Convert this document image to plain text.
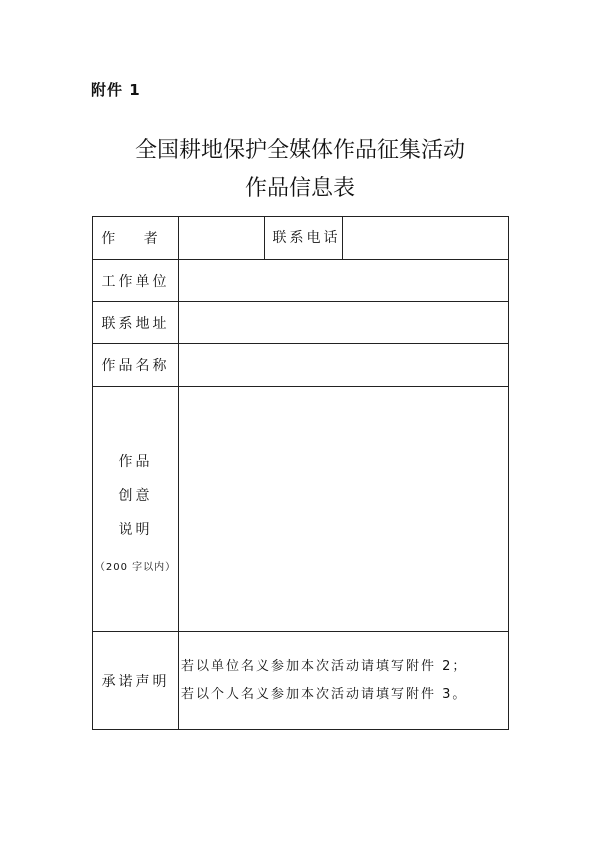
附件 1
全国耕地保护全媒体作品征集活动
作品信息表
作 者		联系电话	
工作单位			
联系地址			
作品名称			

作品
创意
说明
（200 字以内）			

承诺声明	若以单位名义参加本次活动请填写附件 2；
若以个人名义参加本次活动请填写附件 3。		
